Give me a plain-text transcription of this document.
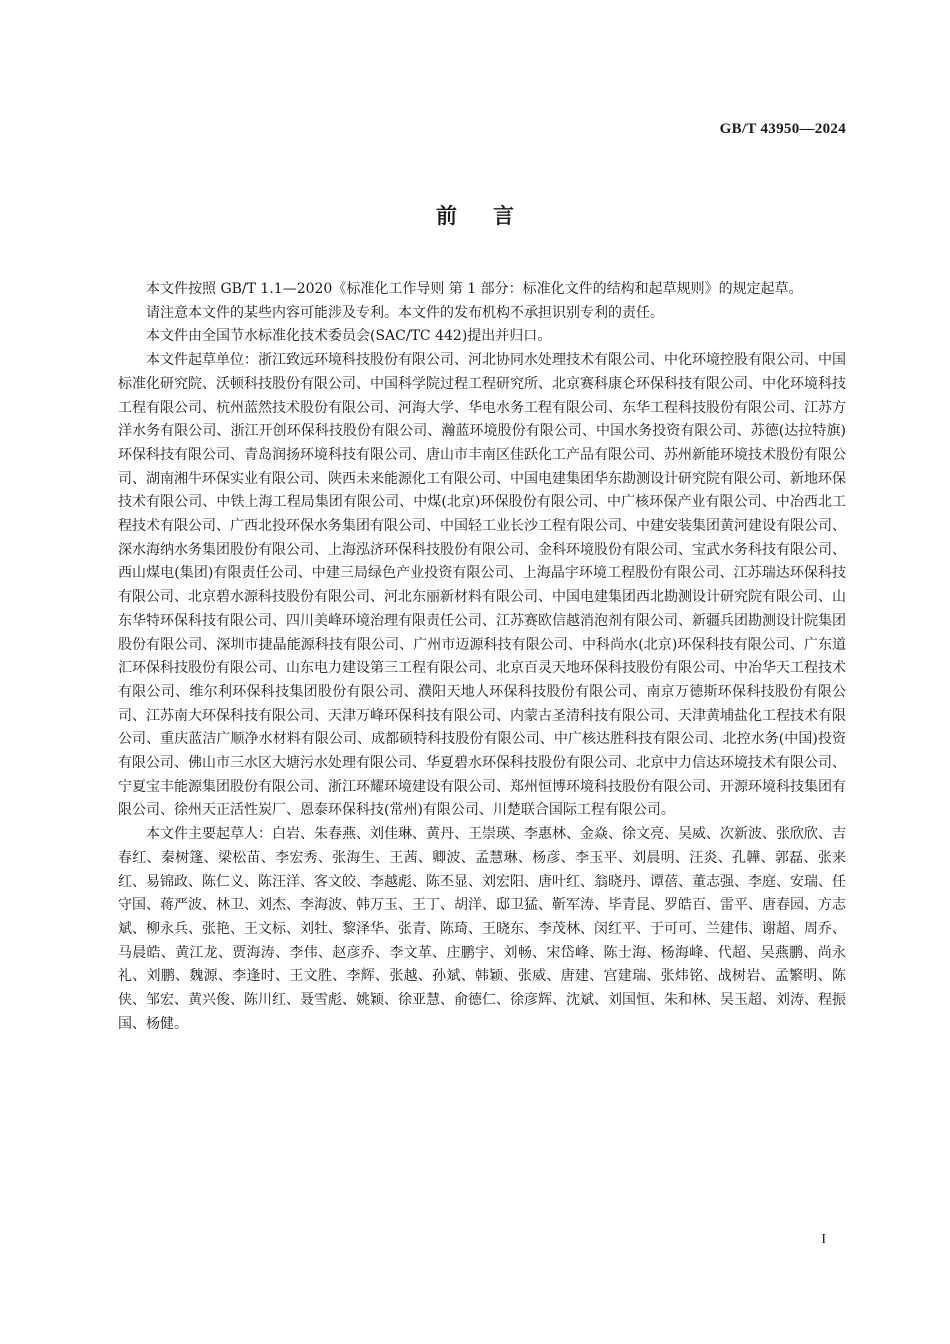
GB/T 43950—2024
前言

本文件按照 GB/T 1.1—2020《标准化工作导则 第 1 部分：标准化文件的结构和起草规则》的规定起草。

请注意本文件的某些内容可能涉及专利。本文件的发布机构不承担识别专利的责任。

本文件由全国节水标准化技术委员会(SAC/TC 442)提出并归口。

本文件起草单位：浙江致远环境科技股份有限公司、河北协同水处理技术有限公司、中化环境控股有限公司、中国标准化研究院、沃顿科技股份有限公司、中国科学院过程工程研究所、北京赛科康仑环保科技有限公司、中化环境科技工程有限公司、杭州蓝然技术股份有限公司、河海大学、华电水务工程有限公司、东华工程科技股份有限公司、江苏方洋水务有限公司、浙江开创环保科技股份有限公司、瀚蓝环境股份有限公司、中国水务投资有限公司、苏德(达拉特旗)环保科技有限公司、青岛润扬环境科技有限公司、唐山市丰南区佳跃化工产品有限公司、苏州新能环境技术股份有限公司、湖南湘牛环保实业有限公司、陕西未来能源化工有限公司、中国电建集团华东勘测设计研究院有限公司、新地环保技术有限公司、中铁上海工程局集团有限公司、中煤(北京)环保股份有限公司、中广核环保产业有限公司、中冶西北工程技术有限公司、广西北投环保水务集团有限公司、中国轻工业长沙工程有限公司、中建安装集团黄河建设有限公司、深水海纳水务集团股份有限公司、上海泓济环保科技股份有限公司、金科环境股份有限公司、宝武水务科技有限公司、西山煤电(集团)有限责任公司、中建三局绿色产业投资有限公司、上海晶宇环境工程股份有限公司、江苏瑞达环保科技有限公司、北京碧水源科技股份有限公司、河北东丽新材料有限公司、中国电建集团西北勘测设计研究院有限公司、山东华特环保科技有限公司、四川美峰环境治理有限责任公司、江苏赛欧信越消泡剂有限公司、新疆兵团勘测设计院集团股份有限公司、深圳市捷晶能源科技有限公司、广州市迈源科技有限公司、中科尚水(北京)环保科技有限公司、广东道汇环保科技股份有限公司、山东电力建设第三工程有限公司、北京百灵天地环保科技股份有限公司、中冶华天工程技术有限公司、维尔利环保科技集团股份有限公司、濮阳天地人环保科技股份有限公司、南京万德斯环保科技股份有限公司、江苏南大环保科技有限公司、天津万峰环保科技有限公司、内蒙古圣清科技有限公司、天津黄埔盐化工程技术有限公司、重庆蓝洁广顺净水材料有限公司、成都硕特科技股份有限公司、中广核达胜科技有限公司、北控水务(中国)投资有限公司、佛山市三水区大塘污水处理有限公司、华夏碧水环保科技股份有限公司、北京中力信达环境技术有限公司、宁夏宝丰能源集团股份有限公司、浙江环耀环境建设有限公司、郑州恒博环境科技股份有限公司、开源环境科技集团有限公司、徐州天正活性炭厂、恩泰环保科技(常州)有限公司、川楚联合国际工程有限公司。

本文件主要起草人：白岩、朱春燕、刘佳琳、黄丹、王崇瑛、李惠林、金焱、徐文亮、吴威、次新波、张欣欣、吉春红、秦树篷、梁松苗、李宏秀、张海生、王茜、卿波、孟慧琳、杨彦、李玉平、刘晨明、汪炎、孔韡、郭磊、张来红、易锦政、陈仁义、陈汪洋、客文皎、李越彪、陈丕显、刘宏阳、唐叶红、翁晓丹、谭蓓、董志强、李庭、安瑞、任守国、蒋严波、林卫、刘杰、李海波、韩万玉、王丁、胡洋、邸卫猛、靳军涛、毕青昆、罗皓百、雷平、唐春园、方志斌、柳永兵、张艳、王文标、刘牡、黎泽华、张青、陈琦、王晓东、李茂林、闵红平、于可可、兰建伟、谢超、周乔、马晨皓、黄江龙、贾海涛、李伟、赵彦乔、李文革、庄鹏宇、刘畅、宋岱峰、陈士海、杨海峰、代超、吴燕鹏、尚永礼、刘鹏、魏源、李逢时、王文胜、李辉、张越、孙斌、韩颖、张威、唐建、宫建瑞、张炜铭、战树岩、孟繁明、陈侠、邹宏、黄兴俊、陈川红、聂雪彪、姚颖、徐亚慧、俞德仁、徐彦辉、沈斌、刘国恒、朱和林、吴玉超、刘涛、程振国、杨健。

I
